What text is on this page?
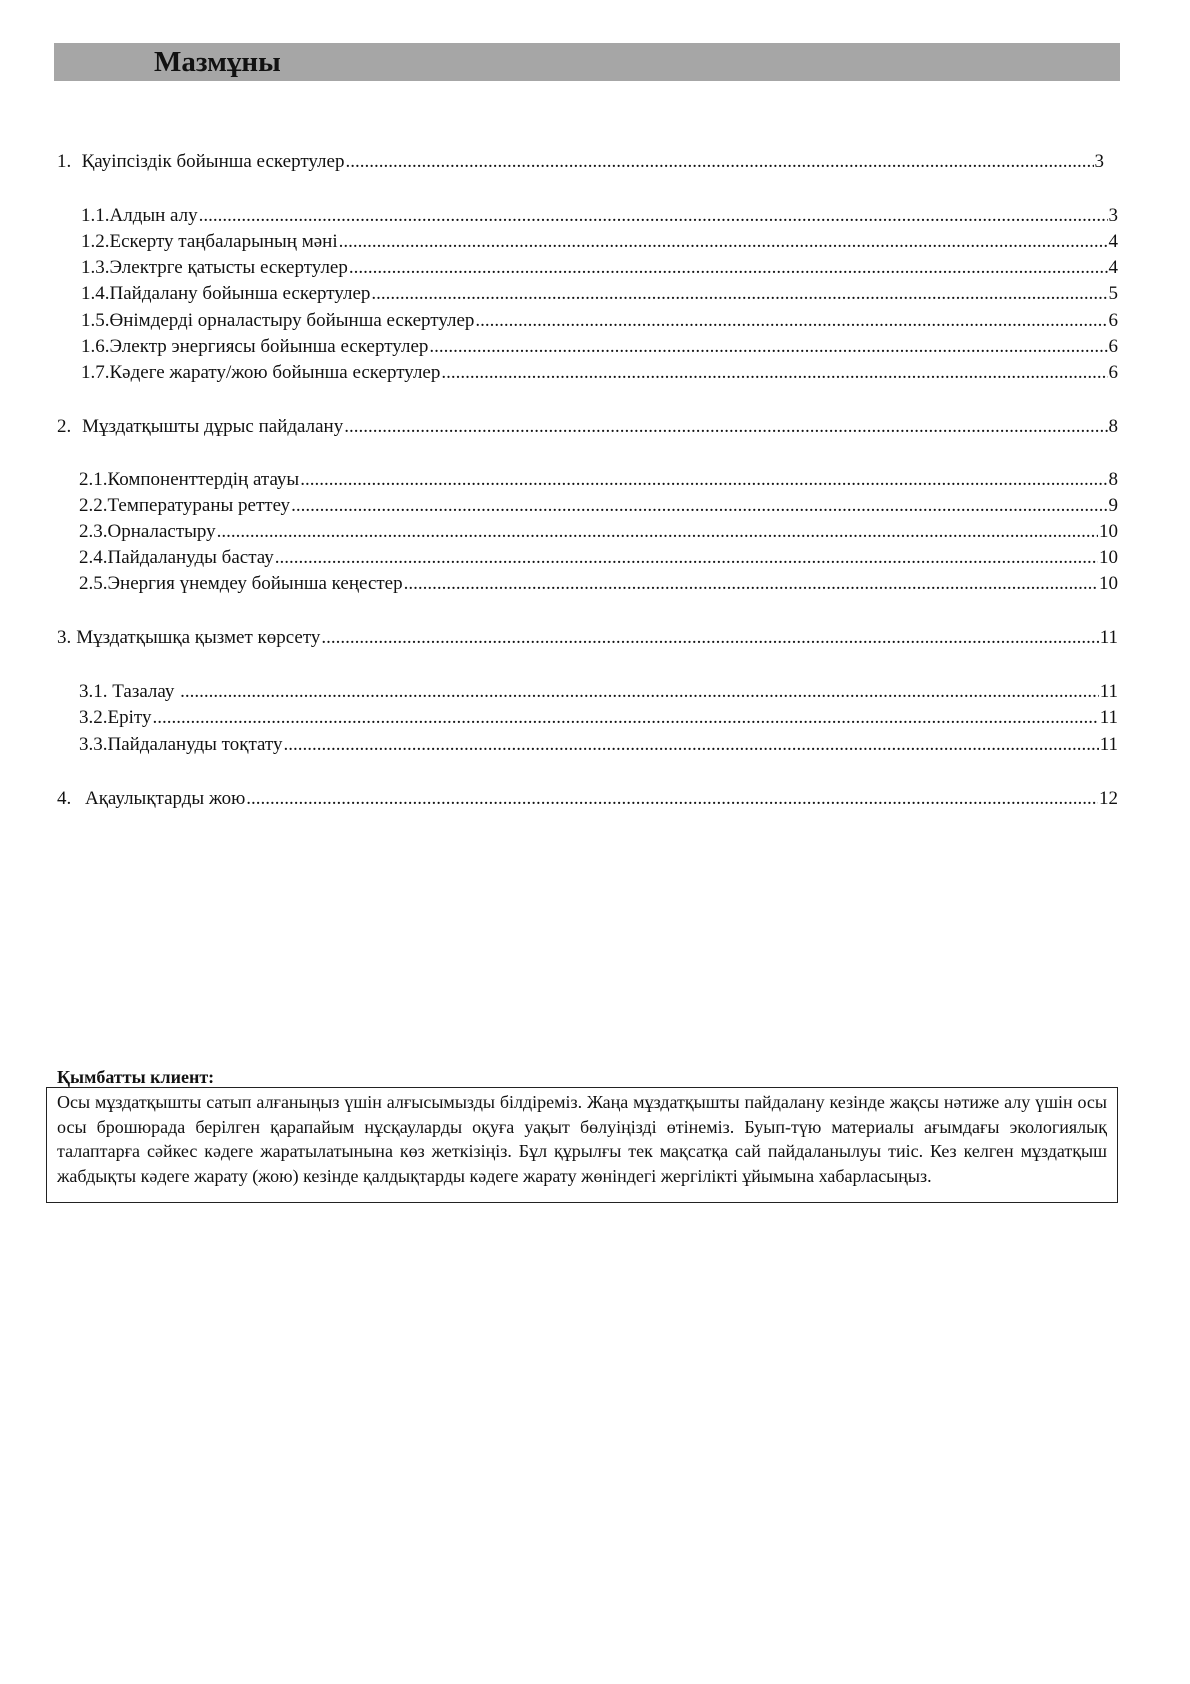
Мазмұны
1. Қауіпсіздік бойынша ескертулер .....	3
1.1. Алдын алу .....	3
1.2. Ескерту таңбаларының мәні .....	4
1.3. Электрге қатысты ескертулер .....	4
1.4. Пайдалану бойынша ескертулер .....	5
1.5. Өнімдерді орналастыру бойынша ескертулер .....	6
1.6. Электр энергиясы бойынша ескертулер .....	6
1.7. Кәдеге жарату/жою бойынша ескертулер .....	6
2. Мұздатқышты дұрыс пайдалану .....	8
2.1. Компоненттердің атауы .....	8
2.2. Температураны реттеу .....	9
2.3. Орналастыру .....	10
2.4. Пайдалануды бастау .....	10
2.5. Энергия үнемдеу бойынша кеңестер .....	10
3. Мұздатқышқа қызмет көрсету .....	11
3.1. Тазалау .....	11
3.2. Еріту .....	11
3.3. Пайдалануды тоқтату .....	11
4. Ақаулықтарды жою .....	12
Қымбатты клиент:

Осы мұздатқышты сатып алғаныңыз үшін алғысымызды білдіреміз. Жаңа мұздатқышты пайдалану кезінде жақсы нәтиже алу үшін осы осы брошюрада берілген қарапайым нұсқауларды оқуға уақыт бөлуіңізді өтінеміз. Буып-түю материалы ағымдағы экологиялық талаптарға сәйкес кәдеге жаратылатынына көз жеткізіңіз. Бұл құрылғы тек мақсатқа сай пайдаланылуы тиіс. Кез келген мұздатқыш жабдықты кәдеге жарату (жою) кезінде қалдықтарды кәдеге жарату жөніндегі жергілікті ұйымына хабарласыңыз.
